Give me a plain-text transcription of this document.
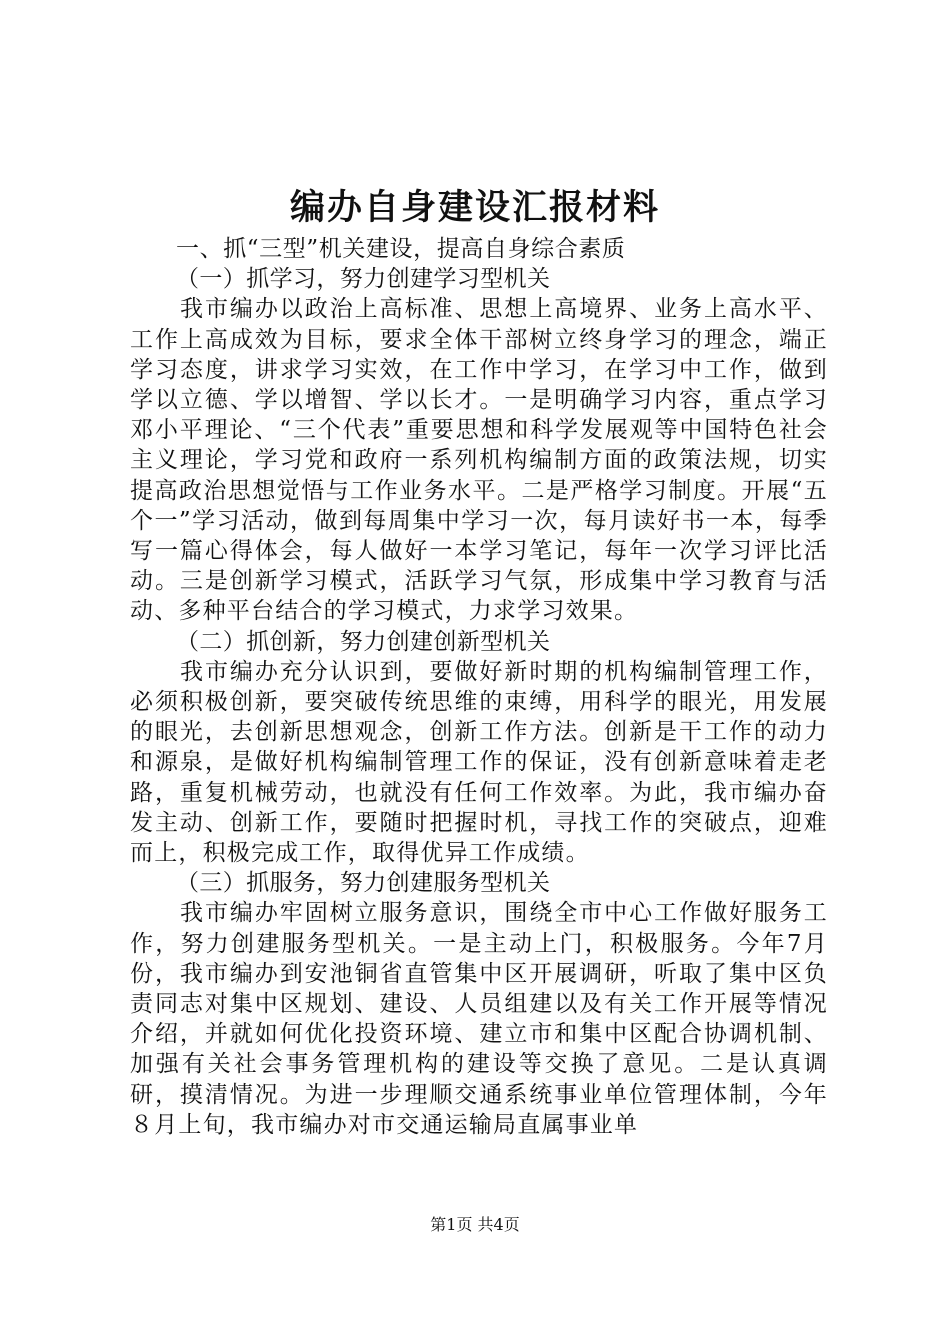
编办自身建设汇报材料

一、抓“三型”机关建设，提高自身综合素质

（一）抓学习，努力创建学习型机关

我市编办以政治上高标准、思想上高境界、业务上高水平、工作上高成效为目标，要求全体干部树立终身学习的理念，端正学习态度，讲求学习实效，在工作中学习，在学习中工作，做到学以立德、学以增智、学以长才。一是明确学习内容，重点学习邓小平理论、“三个代表”重要思想和科学发展观等中国特色社会主义理论，学习党和政府一系列机构编制方面的政策法规，切实提高政治思想觉悟与工作业务水平。二是严格学习制度。开展“五个一”学习活动，做到每周集中学习一次，每月读好书一本，每季写一篇心得体会，每人做好一本学习笔记，每年一次学习评比活动。三是创新学习模式，活跃学习气氛，形成集中学习教育与活动、多种平台结合的学习模式，力求学习效果。

（二）抓创新，努力创建创新型机关

我市编办充分认识到，要做好新时期的机构编制管理工作，必须积极创新，要突破传统思维的束缚，用科学的眼光，用发展的眼光，去创新思想观念，创新工作方法。创新是干工作的动力和源泉，是做好机构编制管理工作的保证，没有创新意味着走老路，重复机械劳动，也就没有任何工作效率。为此，我市编办奋发主动、创新工作，要随时把握时机，寻找工作的突破点，迎难而上，积极完成工作，取得优异工作成绩。

（三）抓服务，努力创建服务型机关

我市编办牢固树立服务意识，围绕全市中心工作做好服务工作，努力创建服务型机关。一是主动上门，积极服务。今年7月份，我市编办到安池铜省直管集中区开展调研，听取了集中区负责同志对集中区规划、建设、人员组建以及有关工作开展等情况介绍，并就如何优化投资环境、建立市和集中区配合协调机制、加强有关社会事务管理机构的建设等交换了意见。二是认真调研，摸清情况。为进一步理顺交通系统事业单位管理体制，今年８月上旬，我市编办对市交通运输局直属事业单

第1页 共4页
